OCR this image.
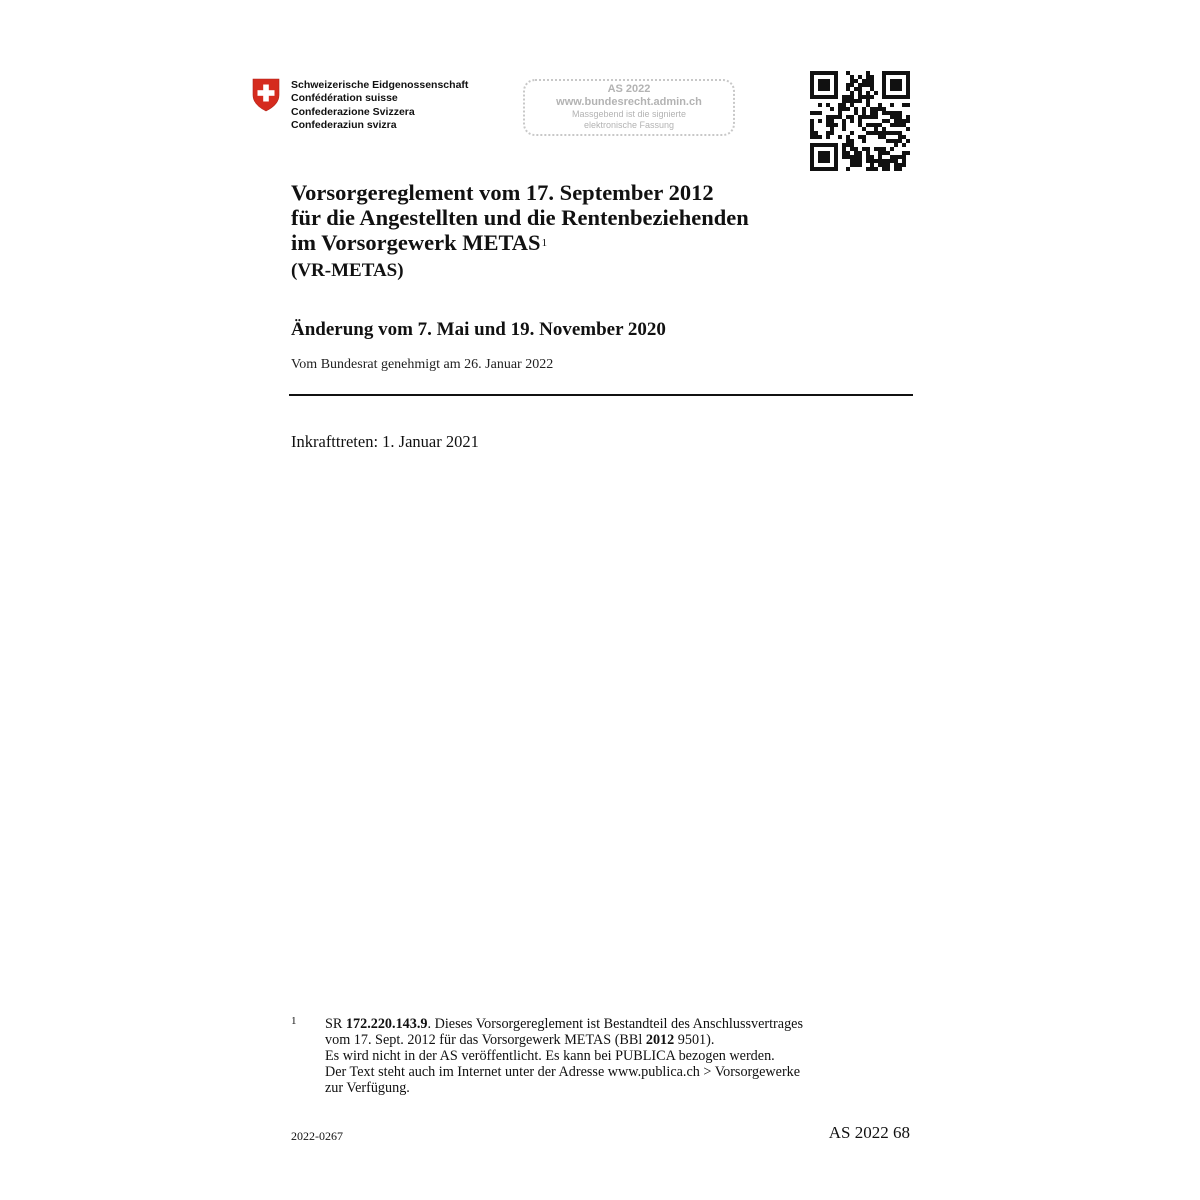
Schweizerische Eidgenossenschaft
Confédération suisse
Confederazione Svizzera
Confederaziun svizra
AS 2022
www.bundesrecht.admin.ch
Massgebend ist die signierte
elektronische Fassung
Vorsorgereglement vom 17. September 2012
für die Angestellten und die Rentenbeziehenden
im Vorsorgewerk METAS$^1$
(VR-METAS)
Änderung vom 7. Mai und 19. November 2020
Vom Bundesrat genehmigt am 26. Januar 2022
Inkrafttreten: 1. Januar 2021
1 SR 172.220.143.9. Dieses Vorsorgereglement ist Bestandteil des Anschlussvertrages
vom 17. Sept. 2012 für das Vorsorgewerk METAS (BBl 2012 9501).
Es wird nicht in der AS veröffentlicht. Es kann bei PUBLICA bezogen werden.
Der Text steht auch im Internet unter der Adresse www.publica.ch > Vorsorgewerke
zur Verfügung.
2022-0267	AS 2022 68
